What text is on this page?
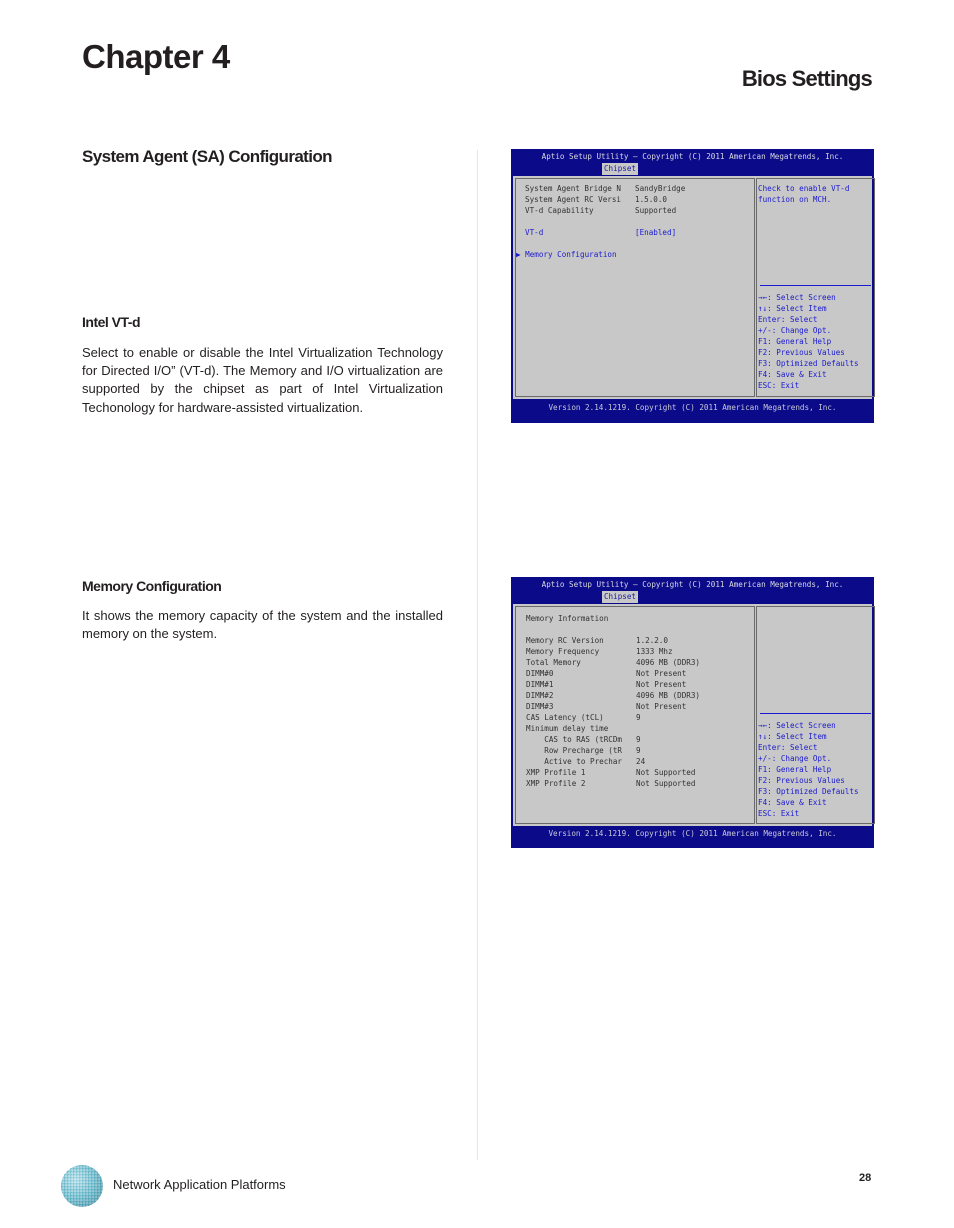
Chapter 4
Bios Settings
System Agent (SA) Configuration
Intel VT-d

Select to enable or disable the Intel Virtualization Technology for Directed I/O” (VT-d). The Memory and I/O virtualization are supported by the chipset as part of Intel Virtualization Techonology for hardware-assisted virtualization.

Memory Configuration

It shows the memory capacity of the system and the installed memory on the system.

Aptio Setup Utility – Copyright (C) 2011 American Megatrends, Inc.
Chipset
System Agent Bridge N SandyBridge
System Agent RC Versi 1.5.0.0
VT-d Capability	Supported
VT-d	[Enabled]
▶ Memory Configuration
Check to enable VT-d
function on MCH.
→←: Select Screen
↑↓: Select Item
Enter: Select
+/-: Change Opt.
F1: General Help
F2: Previous Values
F3: Optimized Defaults
F4: Save & Exit
ESC: Exit
Version 2.14.1219. Copyright (C) 2011 American Megatrends, Inc.
Aptio Setup Utility – Copyright (C) 2011 American Megatrends, Inc.
Chipset
Memory Information
Memory RC Version	1.2.2.0
Memory Frequency	1333 Mhz
Total Memory	4096 MB (DDR3)
DIMM#0	Not Present
DIMM#1	Not Present
DIMM#2	4096 MB (DDR3)
DIMM#3	Not Present
CAS Latency (tCL)	9
Minimum delay time
CAS to RAS (tRCDm 9
Row Precharge (tR 9
Active to Prechar 24
XMP Profile 1	Not Supported
XMP Profile 2	Not Supported
→←: Select Screen
↑↓: Select Item
Enter: Select
+/-: Change Opt.
F1: General Help
F2: Previous Values
F3: Optimized Defaults
F4: Save & Exit
ESC: Exit
Version 2.14.1219. Copyright (C) 2011 American Megatrends, Inc.

Network Application Platforms	28
